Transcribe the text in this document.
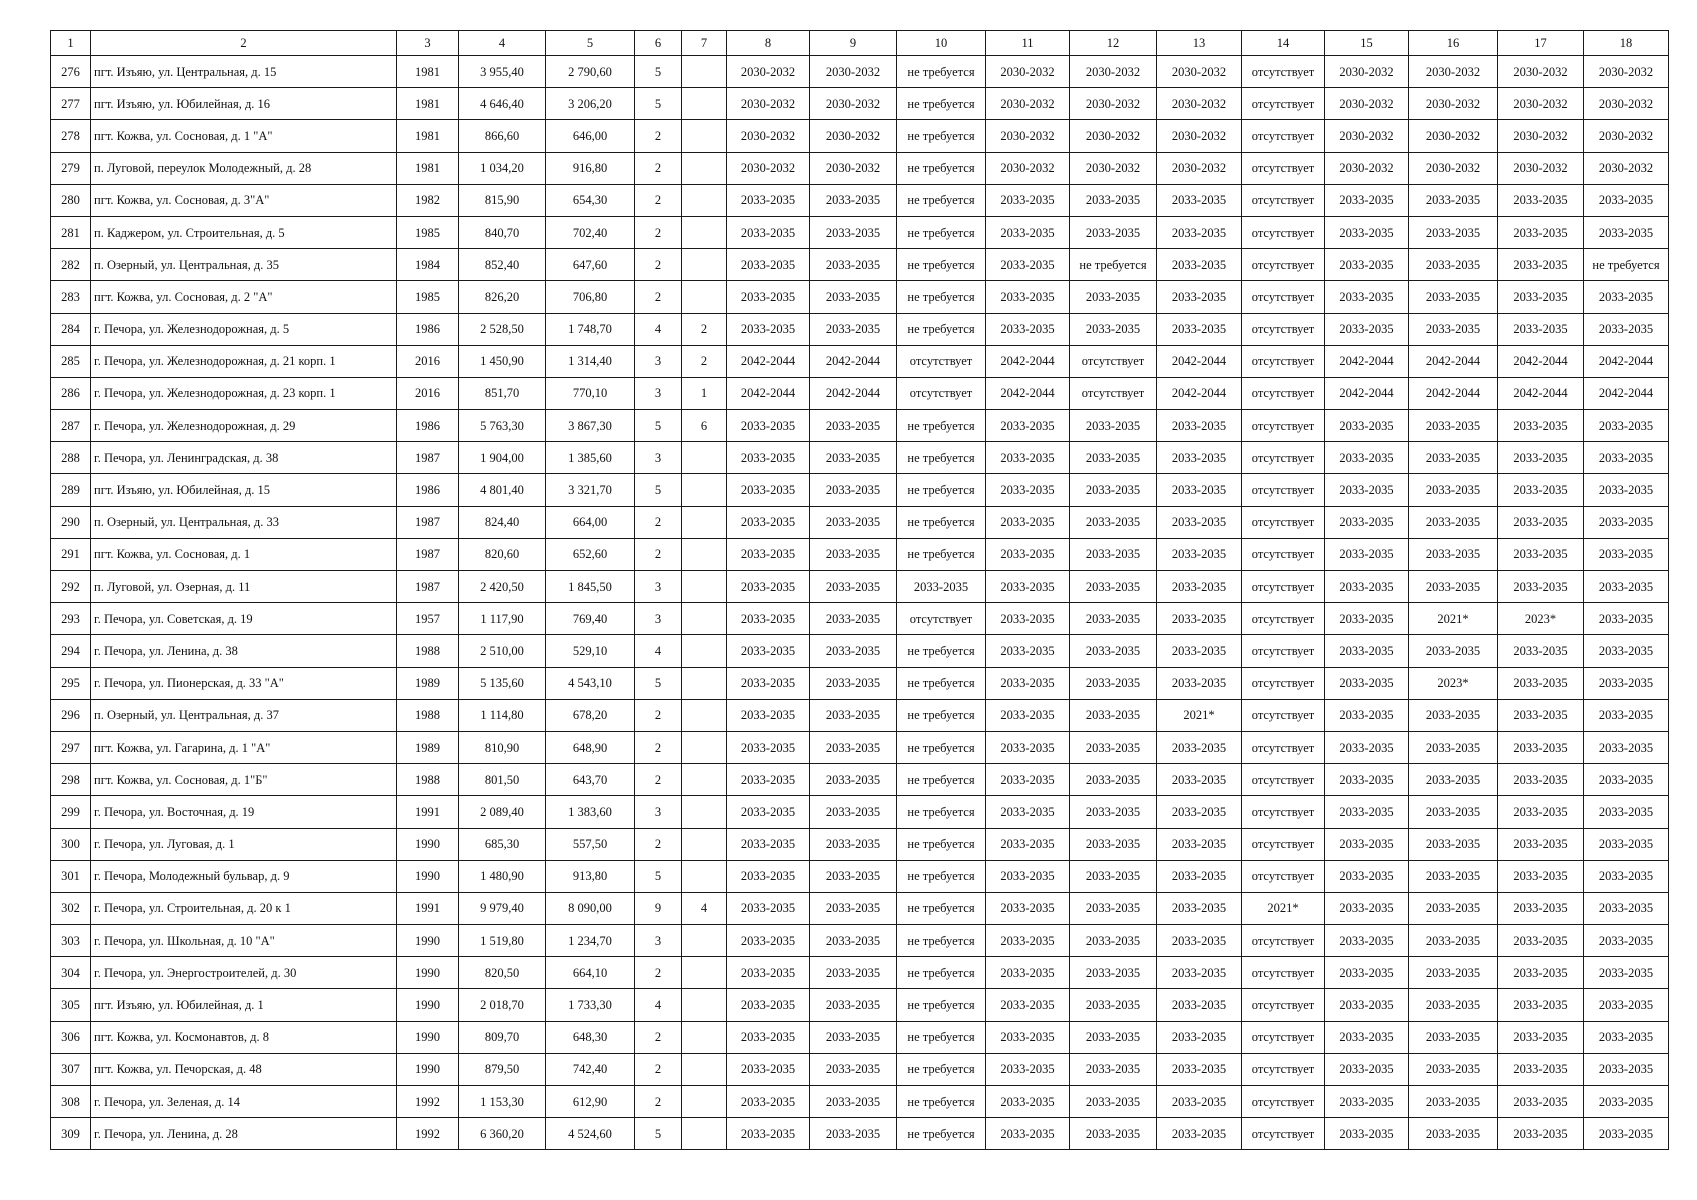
1	2	3	4	5	6	7	8	9	10	11	12	13	14	15	16	17	18
276	пгт. Изъяю, ул. Центральная, д. 15	1981	3 955,40	2 790,60	5		2030-2032	2030-2032	не требуется	2030-2032	2030-2032	2030-2032	отсутствует	2030-2032	2030-2032	2030-2032	2030-2032
277	пгт. Изъяю, ул. Юбилейная, д. 16	1981	4 646,40	3 206,20	5		2030-2032	2030-2032	не требуется	2030-2032	2030-2032	2030-2032	отсутствует	2030-2032	2030-2032	2030-2032	2030-2032
278	пгт. Кожва, ул. Сосновая, д. 1 "А"	1981	866,60	646,00	2		2030-2032	2030-2032	не требуется	2030-2032	2030-2032	2030-2032	отсутствует	2030-2032	2030-2032	2030-2032	2030-2032
279	п. Луговой, переулок Молодежный, д. 28	1981	1 034,20	916,80	2		2030-2032	2030-2032	не требуется	2030-2032	2030-2032	2030-2032	отсутствует	2030-2032	2030-2032	2030-2032	2030-2032
280	пгт. Кожва, ул. Сосновая, д. 3"А"	1982	815,90	654,30	2		2033-2035	2033-2035	не требуется	2033-2035	2033-2035	2033-2035	отсутствует	2033-2035	2033-2035	2033-2035	2033-2035
281	п. Каджером, ул. Строительная, д. 5	1985	840,70	702,40	2		2033-2035	2033-2035	не требуется	2033-2035	2033-2035	2033-2035	отсутствует	2033-2035	2033-2035	2033-2035	2033-2035
282	п. Озерный, ул. Центральная, д. 35	1984	852,40	647,60	2		2033-2035	2033-2035	не требуется	2033-2035	не требуется	2033-2035	отсутствует	2033-2035	2033-2035	2033-2035	не требуется
283	пгт. Кожва, ул. Сосновая, д. 2 "А"	1985	826,20	706,80	2		2033-2035	2033-2035	не требуется	2033-2035	2033-2035	2033-2035	отсутствует	2033-2035	2033-2035	2033-2035	2033-2035
284	г. Печора, ул. Железнодорожная, д. 5	1986	2 528,50	1 748,70	4	2	2033-2035	2033-2035	не требуется	2033-2035	2033-2035	2033-2035	отсутствует	2033-2035	2033-2035	2033-2035	2033-2035
285	г. Печора, ул. Железнодорожная, д. 21 корп. 1	2016	1 450,90	1 314,40	3	2	2042-2044	2042-2044	отсутствует	2042-2044	отсутствует	2042-2044	отсутствует	2042-2044	2042-2044	2042-2044	2042-2044
286	г. Печора, ул. Железнодорожная, д. 23 корп. 1	2016	851,70	770,10	3	1	2042-2044	2042-2044	отсутствует	2042-2044	отсутствует	2042-2044	отсутствует	2042-2044	2042-2044	2042-2044	2042-2044
287	г. Печора, ул. Железнодорожная, д. 29	1986	5 763,30	3 867,30	5	6	2033-2035	2033-2035	не требуется	2033-2035	2033-2035	2033-2035	отсутствует	2033-2035	2033-2035	2033-2035	2033-2035
288	г. Печора, ул. Ленинградская, д. 38	1987	1 904,00	1 385,60	3		2033-2035	2033-2035	не требуется	2033-2035	2033-2035	2033-2035	отсутствует	2033-2035	2033-2035	2033-2035	2033-2035
289	пгт. Изъяю, ул. Юбилейная, д. 15	1986	4 801,40	3 321,70	5		2033-2035	2033-2035	не требуется	2033-2035	2033-2035	2033-2035	отсутствует	2033-2035	2033-2035	2033-2035	2033-2035
290	п. Озерный, ул. Центральная, д. 33	1987	824,40	664,00	2		2033-2035	2033-2035	не требуется	2033-2035	2033-2035	2033-2035	отсутствует	2033-2035	2033-2035	2033-2035	2033-2035
291	пгт. Кожва, ул. Сосновая, д. 1	1987	820,60	652,60	2		2033-2035	2033-2035	не требуется	2033-2035	2033-2035	2033-2035	отсутствует	2033-2035	2033-2035	2033-2035	2033-2035
292	п. Луговой, ул. Озерная, д. 11	1987	2 420,50	1 845,50	3		2033-2035	2033-2035	2033-2035	2033-2035	2033-2035	2033-2035	отсутствует	2033-2035	2033-2035	2033-2035	2033-2035
293	г. Печора, ул. Советская, д. 19	1957	1 117,90	769,40	3		2033-2035	2033-2035	отсутствует	2033-2035	2033-2035	2033-2035	отсутствует	2033-2035	2021*	2023*	2033-2035
294	г. Печора, ул. Ленина, д. 38	1988	2 510,00	529,10	4		2033-2035	2033-2035	не требуется	2033-2035	2033-2035	2033-2035	отсутствует	2033-2035	2033-2035	2033-2035	2033-2035
295	г. Печора, ул. Пионерская, д. 33 "А"	1989	5 135,60	4 543,10	5		2033-2035	2033-2035	не требуется	2033-2035	2033-2035	2033-2035	отсутствует	2033-2035	2023*	2033-2035	2033-2035
296	п. Озерный, ул. Центральная, д. 37	1988	1 114,80	678,20	2		2033-2035	2033-2035	не требуется	2033-2035	2033-2035	2021*	отсутствует	2033-2035	2033-2035	2033-2035	2033-2035
297	пгт. Кожва, ул. Гагарина, д. 1 "А"	1989	810,90	648,90	2		2033-2035	2033-2035	не требуется	2033-2035	2033-2035	2033-2035	отсутствует	2033-2035	2033-2035	2033-2035	2033-2035
298	пгт. Кожва, ул. Сосновая, д. 1"Б"	1988	801,50	643,70	2		2033-2035	2033-2035	не требуется	2033-2035	2033-2035	2033-2035	отсутствует	2033-2035	2033-2035	2033-2035	2033-2035
299	г. Печора, ул. Восточная, д. 19	1991	2 089,40	1 383,60	3		2033-2035	2033-2035	не требуется	2033-2035	2033-2035	2033-2035	отсутствует	2033-2035	2033-2035	2033-2035	2033-2035
300	г. Печора, ул. Луговая, д. 1	1990	685,30	557,50	2		2033-2035	2033-2035	не требуется	2033-2035	2033-2035	2033-2035	отсутствует	2033-2035	2033-2035	2033-2035	2033-2035
301	г. Печора, Молодежный бульвар, д. 9	1990	1 480,90	913,80	5		2033-2035	2033-2035	не требуется	2033-2035	2033-2035	2033-2035	отсутствует	2033-2035	2033-2035	2033-2035	2033-2035
302	г. Печора, ул. Строительная, д. 20 к 1	1991	9 979,40	8 090,00	9	4	2033-2035	2033-2035	не требуется	2033-2035	2033-2035	2033-2035	2021*	2033-2035	2033-2035	2033-2035	2033-2035
303	г. Печора, ул. Школьная, д. 10 "А"	1990	1 519,80	1 234,70	3		2033-2035	2033-2035	не требуется	2033-2035	2033-2035	2033-2035	отсутствует	2033-2035	2033-2035	2033-2035	2033-2035
304	г. Печора, ул. Энергостроителей, д. 30	1990	820,50	664,10	2		2033-2035	2033-2035	не требуется	2033-2035	2033-2035	2033-2035	отсутствует	2033-2035	2033-2035	2033-2035	2033-2035
305	пгт. Изъяю, ул. Юбилейная, д. 1	1990	2 018,70	1 733,30	4		2033-2035	2033-2035	не требуется	2033-2035	2033-2035	2033-2035	отсутствует	2033-2035	2033-2035	2033-2035	2033-2035
306	пгт. Кожва, ул. Космонавтов, д. 8	1990	809,70	648,30	2		2033-2035	2033-2035	не требуется	2033-2035	2033-2035	2033-2035	отсутствует	2033-2035	2033-2035	2033-2035	2033-2035
307	пгт. Кожва, ул. Печорская, д. 48	1990	879,50	742,40	2		2033-2035	2033-2035	не требуется	2033-2035	2033-2035	2033-2035	отсутствует	2033-2035	2033-2035	2033-2035	2033-2035
308	г. Печора, ул. Зеленая, д. 14	1992	1 153,30	612,90	2		2033-2035	2033-2035	не требуется	2033-2035	2033-2035	2033-2035	отсутствует	2033-2035	2033-2035	2033-2035	2033-2035
309	г. Печора, ул. Ленина, д. 28	1992	6 360,20	4 524,60	5		2033-2035	2033-2035	не требуется	2033-2035	2033-2035	2033-2035	отсутствует	2033-2035	2033-2035	2033-2035	2033-2035
